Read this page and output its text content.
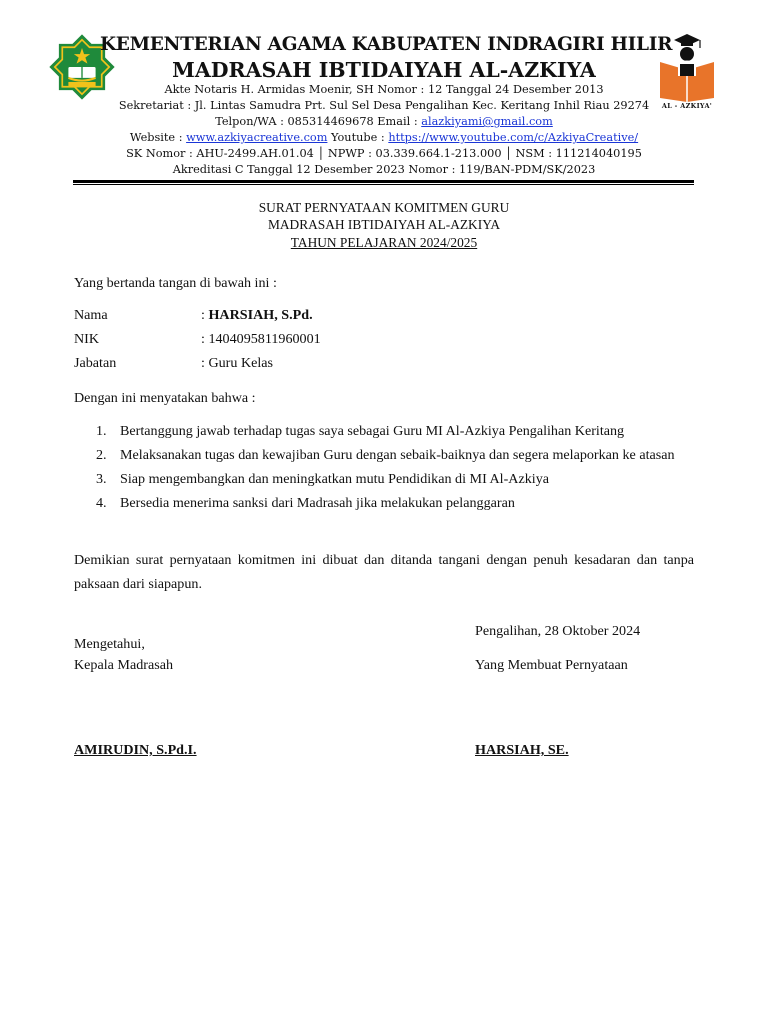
AL - AZKIYA'
KEMENTERIAN AGAMA KABUPATEN INDRAGIRI HILIR
MADRASAH IBTIDAIYAH AL-AZKIYA
Akte Notaris H. Armidas Moenir, SH Nomor : 12 Tanggal 24 Desember 2013
Sekretariat : Jl. Lintas Samudra Prt. Sul Sel Desa Pengalihan Kec. Keritang Inhil Riau 29274
Telpon/WA : 085314469678 Email : alazkiyami@gmail.com
Website : www.azkiyacreative.com Youtube : https://www.youtube.com/c/AzkiyaCreative/
SK Nomor : AHU-2499.AH.01.04 │ NPWP : 03.339.664.1-213.000 │ NSM : 111214040195
Akreditasi C Tanggal 12 Desember 2023 Nomor : 119/BAN-PDM/SK/2023
SURAT PERNYATAAN KOMITMEN GURU
MADRASAH IBTIDAIYAH AL-AZKIYA
TAHUN PELAJARAN 2024/2025
Yang bertanda tangan di bawah ini :
Nama	: HARSIAH, S.Pd.
NIK	: 1404095811960001
Jabatan	: Guru Kelas
Dengan ini menyatakan bahwa :
1. Bertanggung jawab terhadap tugas saya sebagai Guru MI Al-Azkiya Pengalihan Keritang
2. Melaksanakan tugas dan kewajiban Guru dengan sebaik-baiknya dan segera melaporkan ke atasan
3. Siap mengembangkan dan meningkatkan mutu Pendidikan di MI Al-Azkiya
4. Bersedia menerima sanksi dari Madrasah jika melakukan pelanggaran
Demikian surat pernyataan komitmen ini dibuat dan ditanda tangani dengan penuh kesadaran dan tanpa paksaan dari siapapun.
Pengalihan, 28 Oktober 2024
Mengetahui,
Kepala Madrasah	Yang Membuat Pernyataan
AMIRUDIN, S.Pd.I.	HARSIAH, SE.
